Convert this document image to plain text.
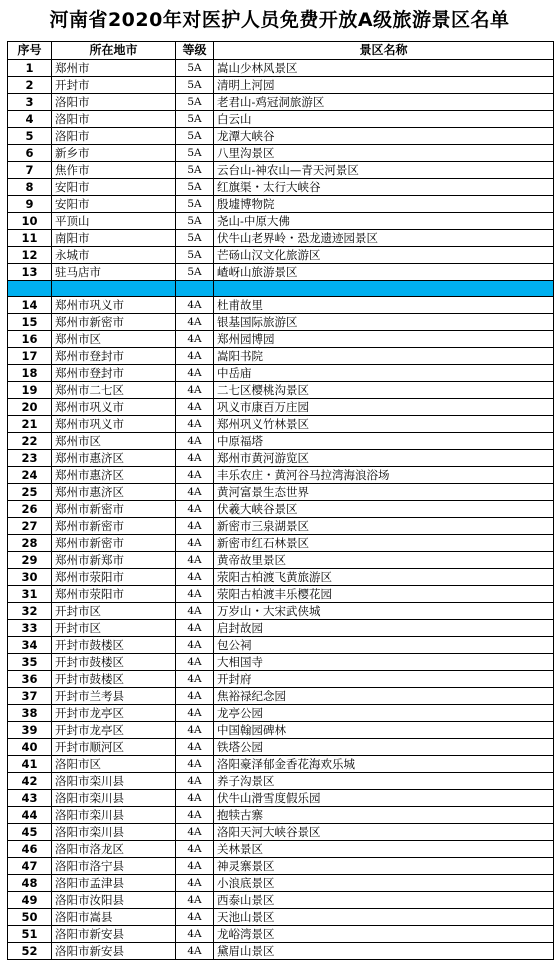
河南省2020年对医护人员免费开放A级旅游景区名单
序号	所在地市	等级	景区名称
1	郑州市	5A	嵩山少林风景区
2	开封市	5A	清明上河园
3	洛阳市	5A	老君山-鸡冠洞旅游区
4	洛阳市	5A	白云山
5	洛阳市	5A	龙潭大峡谷
6	新乡市	5A	八里沟景区
7	焦作市	5A	云台山-神农山—青天河景区
8	安阳市	5A	红旗渠・太行大峡谷
9	安阳市	5A	殷墟博物院
10	平顶山	5A	尧山-中原大佛
11	南阳市	5A	伏牛山老界岭・恐龙遗迹园景区
12	永城市	5A	芒砀山汉文化旅游区
13	驻马店市	5A	嵖岈山旅游景区

14	郑州市巩义市	4A	杜甫故里
15	郑州市新密市	4A	银基国际旅游区
16	郑州市区	4A	郑州园博园
17	郑州市登封市	4A	嵩阳书院
18	郑州市登封市	4A	中岳庙
19	郑州市二七区	4A	二七区樱桃沟景区
20	郑州市巩义市	4A	巩义市康百万庄园
21	郑州市巩义市	4A	郑州巩义竹林景区
22	郑州市区	4A	中原福塔
23	郑州市惠济区	4A	郑州市黄河游览区
24	郑州市惠济区	4A	丰乐农庄・黄河谷马拉湾海浪浴场
25	郑州市惠济区	4A	黄河富景生态世界
26	郑州市新密市	4A	伏羲大峡谷景区
27	郑州市新密市	4A	新密市三泉湖景区
28	郑州市新密市	4A	新密市红石林景区
29	郑州市新郑市	4A	黄帝故里景区
30	郑州市荥阳市	4A	荥阳古柏渡飞黄旅游区
31	郑州市荥阳市	4A	荥阳古柏渡丰乐樱花园
32	开封市区	4A	万岁山・大宋武侠城
33	开封市区	4A	启封故园
34	开封市鼓楼区	4A	包公祠
35	开封市鼓楼区	4A	大相国寺
36	开封市鼓楼区	4A	开封府
37	开封市兰考县	4A	焦裕禄纪念园
38	开封市龙亭区	4A	龙亭公园
39	开封市龙亭区	4A	中国翰园碑林
40	开封市顺河区	4A	铁塔公园
41	洛阳市区	4A	洛阳豪泽郁金香花海欢乐城
42	洛阳市栾川县	4A	养子沟景区
43	洛阳市栾川县	4A	伏牛山滑雪度假乐园
44	洛阳市栾川县	4A	抱犊古寨
45	洛阳市栾川县	4A	洛阳天河大峡谷景区
46	洛阳市洛龙区	4A	关林景区
47	洛阳市洛宁县	4A	神灵寨景区
48	洛阳市孟津县	4A	小浪底景区
49	洛阳市汝阳县	4A	西泰山景区
50	洛阳市嵩县	4A	天池山景区
51	洛阳市新安县	4A	龙峪湾景区
52	洛阳市新安县	4A	黛眉山景区
